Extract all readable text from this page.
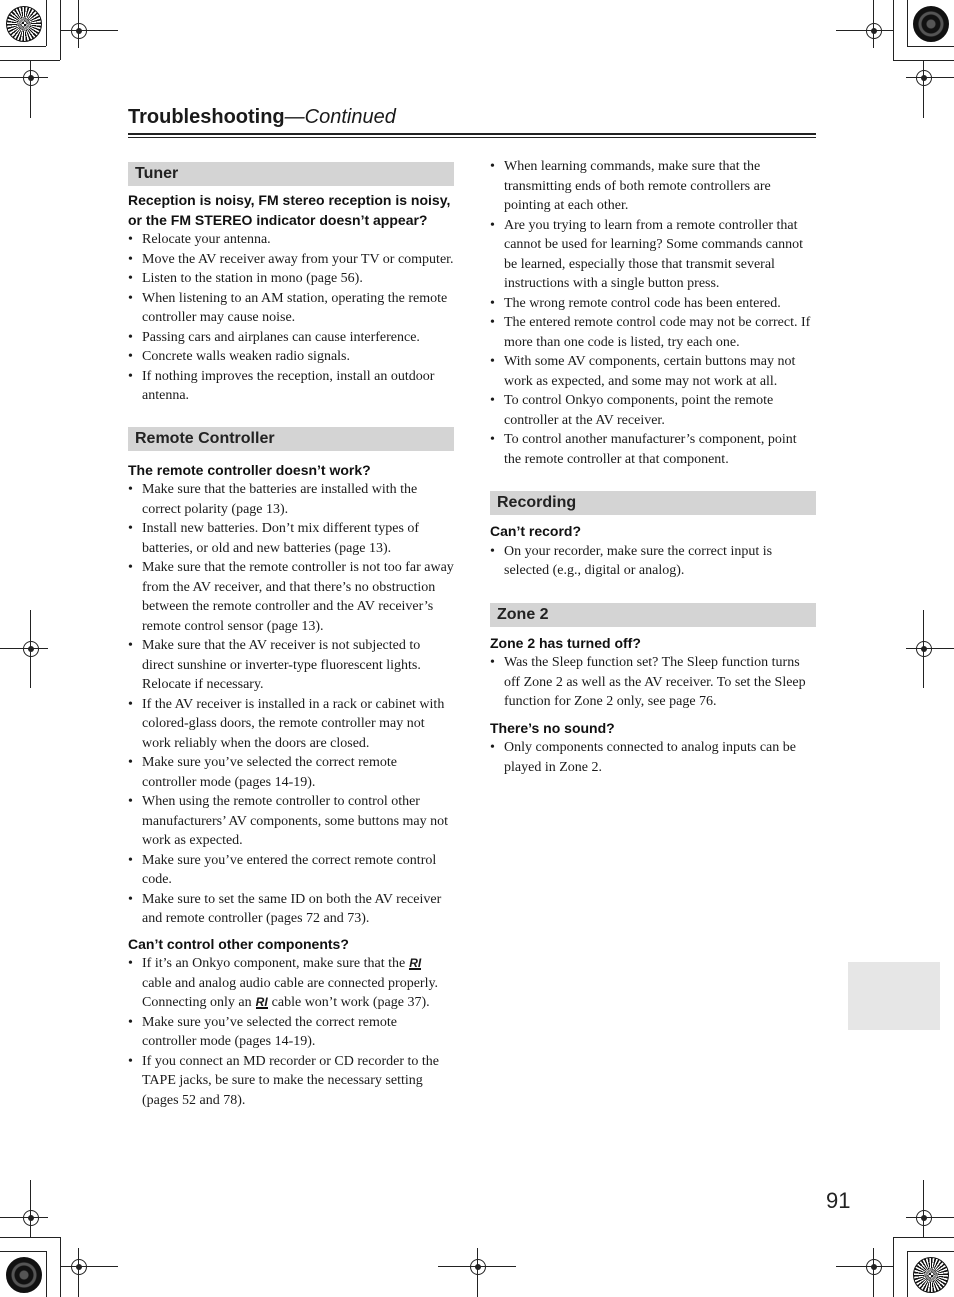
Troubleshooting—Continued
Tuner

Reception is noisy, FM stereo reception is noisy, or the FM STEREO indicator doesn’t appear?

• Relocate your antenna.
• Move the AV receiver away from your TV or computer.
• Listen to the station in mono (page 56).
• When listening to an AM station, operating the remote controller may cause noise.
• Passing cars and airplanes can cause interference.
• Concrete walls weaken radio signals.
• If nothing improves the reception, install an outdoor antenna.
Remote Controller

The remote controller doesn’t work?

• Make sure that the batteries are installed with the correct polarity (page 13).
• Install new batteries. Don’t mix different types of batteries, or old and new batteries (page 13).
• Make sure that the remote controller is not too far away from the AV receiver, and that there’s no obstruction between the remote controller and the AV receiver’s remote control sensor (page 13).
• Make sure that the AV receiver is not subjected to direct sunshine or inverter-type fluorescent lights. Relocate if necessary.
• If the AV receiver is installed in a rack or cabinet with colored-glass doors, the remote controller may not work reliably when the doors are closed.
• Make sure you’ve selected the correct remote controller mode (pages 14-19).
• When using the remote controller to control other manufacturers’ AV components, some buttons may not work as expected.
• Make sure you’ve entered the correct remote control code.
• Make sure to set the same ID on both the AV receiver and remote controller (pages 72 and 73).

Can’t control other components?

• If it’s an Onkyo component, make sure that the RIcable and analog audio cable are connected properly. Connecting only an RI cable won’t work (page 37).
• Make sure you’ve selected the correct remote controller mode (pages 14-19).
• If you connect an MD recorder or CD recorder to the TAPE jacks, be sure to make the necessary setting (pages 52 and 78).
• When learning commands, make sure that the transmitting ends of both remote controllers are pointing at each other.
• Are you trying to learn from a remote controller that cannot be used for learning? Some commands cannot be learned, especially those that transmit several instructions with a single button press.
• The wrong remote control code has been entered.
• The entered remote control code may not be correct. If more than one code is listed, try each one.
• With some AV components, certain buttons may not work as expected, and some may not work at all.
• To control Onkyo components, point the remote controller at the AV receiver.
• To control another manufacturer’s component, point the remote controller at that component.
Recording

Can’t record?

• On your recorder, make sure the correct input is selected (e.g., digital or analog).
Zone 2

Zone 2 has turned off?

• Was the Sleep function set? The Sleep function turns off Zone 2 as well as the AV receiver. To set the Sleep function for Zone 2 only, see page 76.

There’s no sound?

• Only components connected to analog inputs can be played in Zone 2.
91
